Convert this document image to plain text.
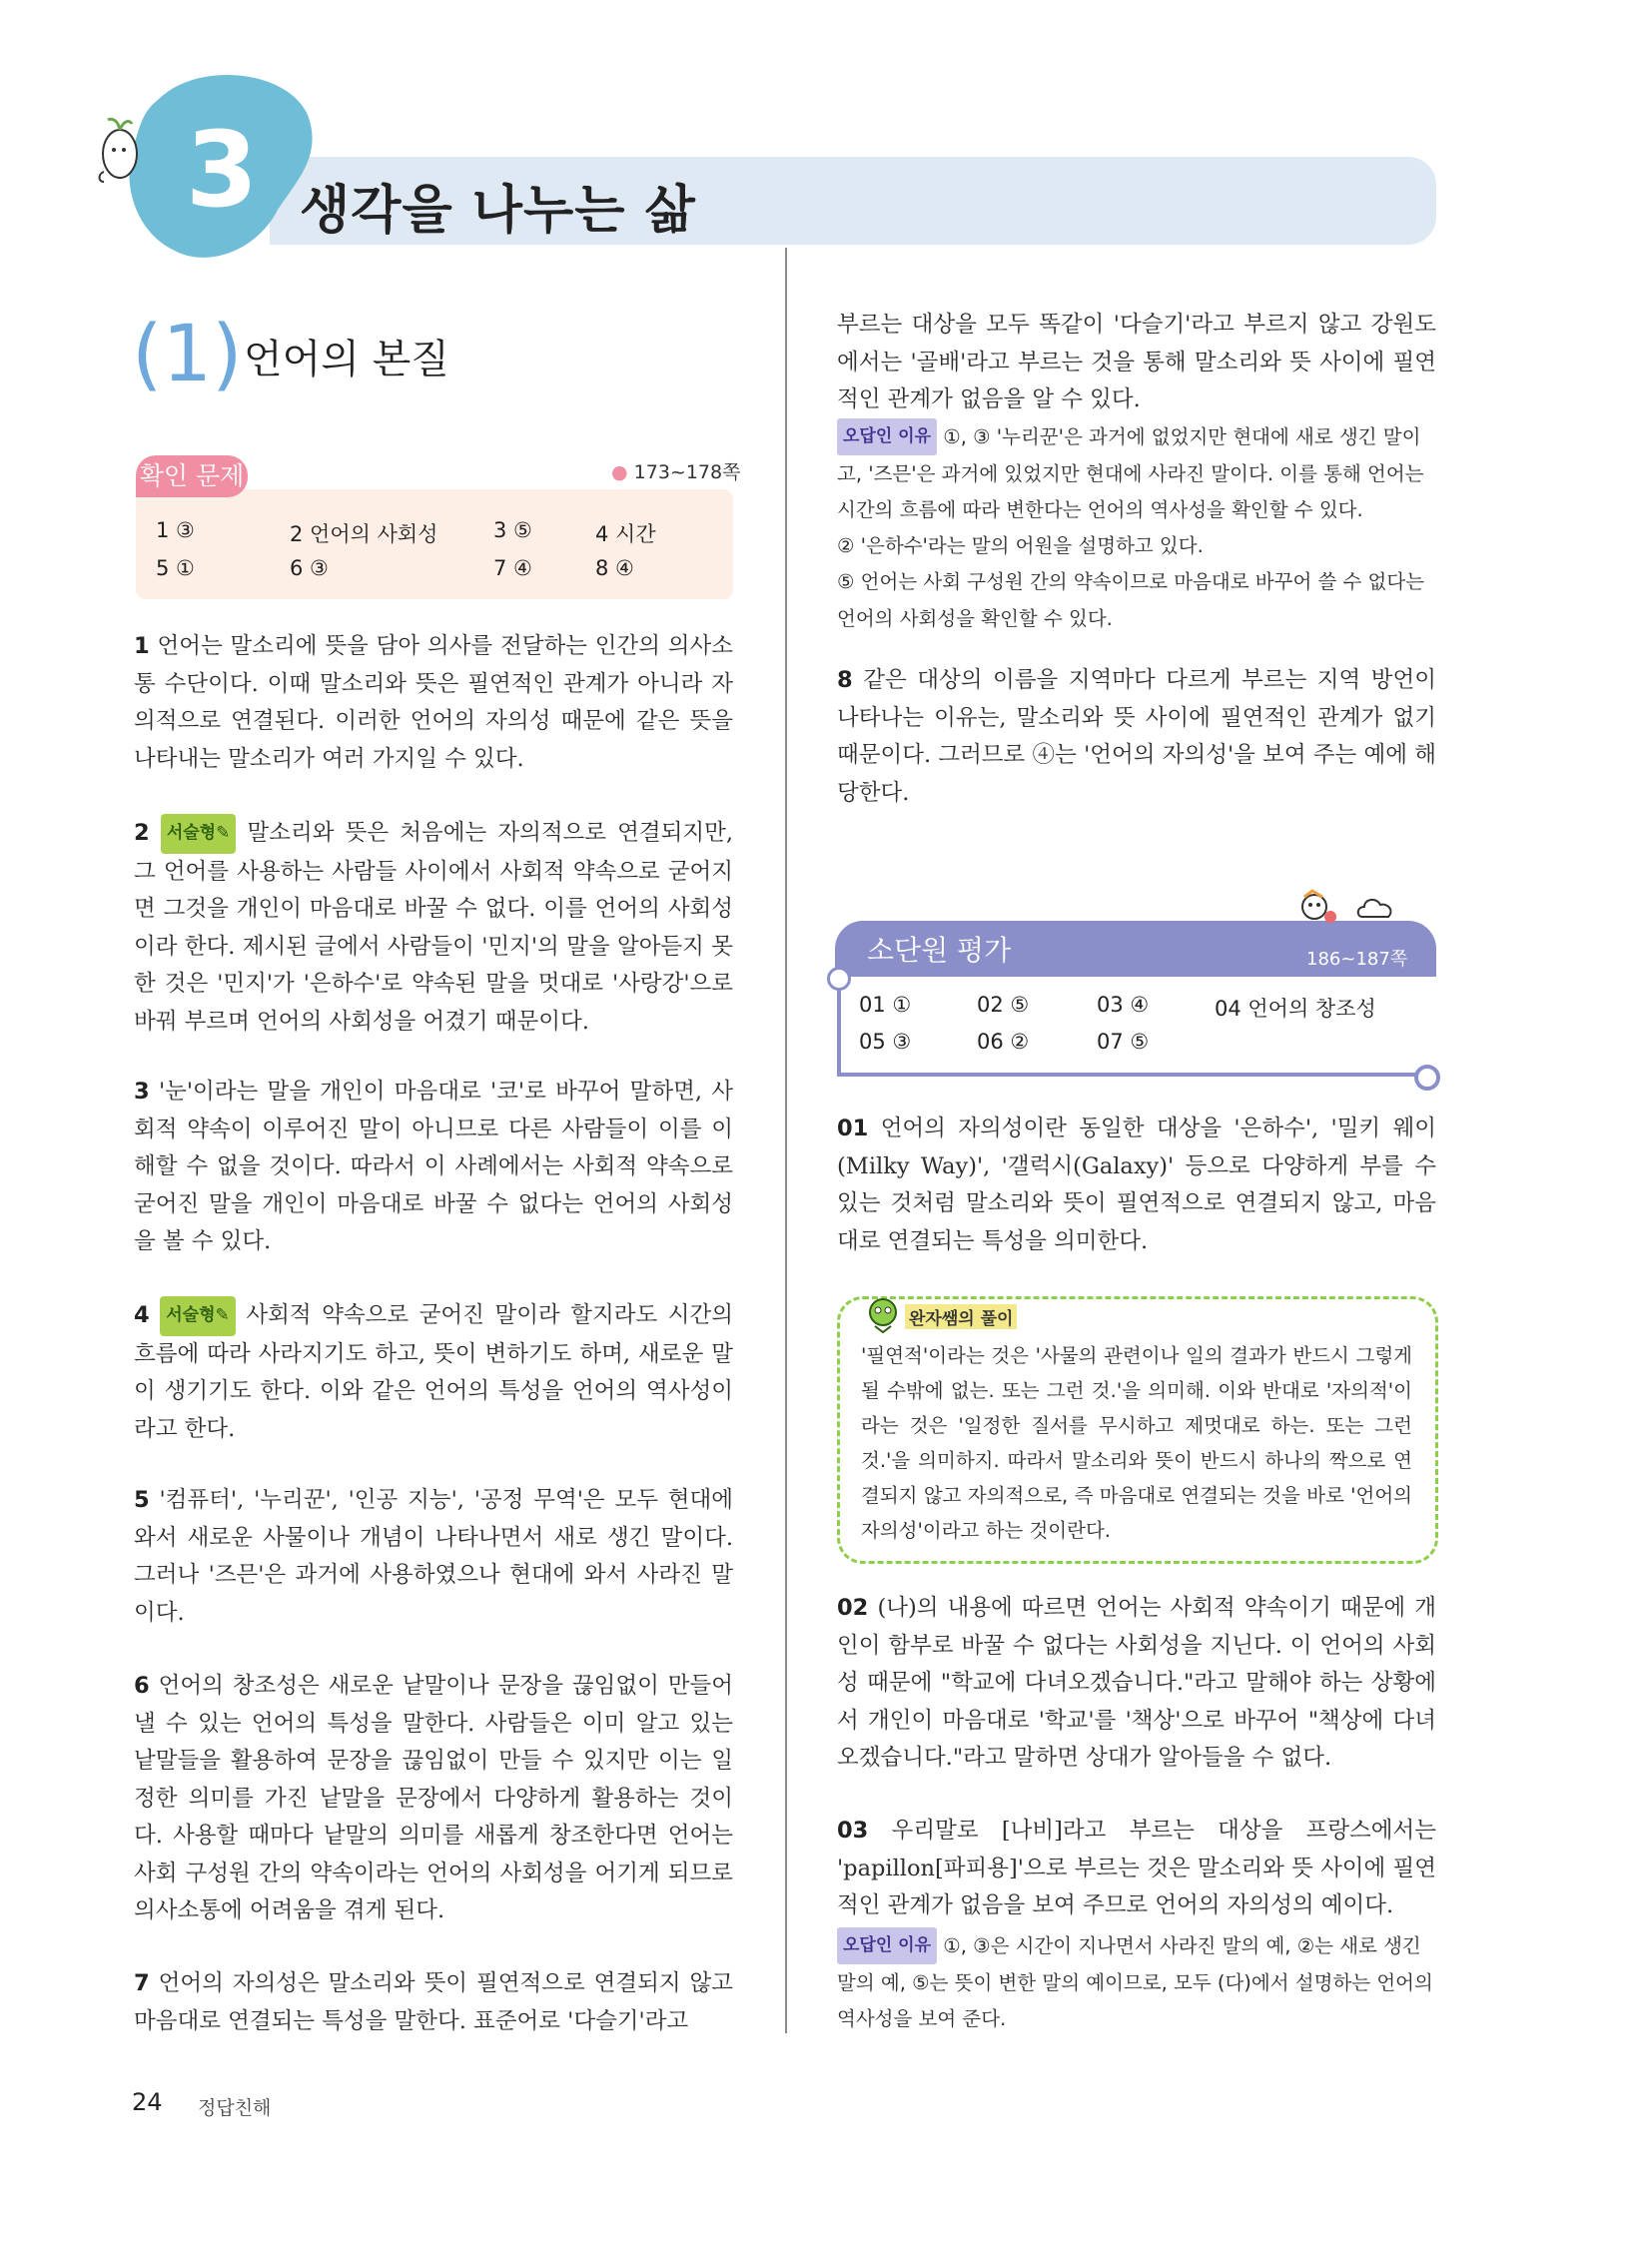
3 생각을 나누는 삶
(1) 언어의 본질
확인 문제	● 173~178쪽
1 ③	2 언어의 사회성	3 ⑤	4 시간
5 ①	6 ③	7 ④	8 ④
1 언어는 말소리에 뜻을 담아 의사를 전달하는 인간의 의사소통 수단이다. 이때 말소리와 뜻은 필연적인 관계가 아니라 자의적으로 연결된다. 이러한 언어의 자의성 때문에 같은 뜻을 나타내는 말소리가 여러 가지일 수 있다.
2 서술형✎ 말소리와 뜻은 처음에는 자의적으로 연결되지만, 그 언어를 사용하는 사람들 사이에서 사회적 약속으로 굳어지면 그것을 개인이 마음대로 바꿀 수 없다. 이를 언어의 사회성이라 한다. 제시된 글에서 사람들이 '민지'의 말을 알아듣지 못한 것은 '민지'가 '은하수'로 약속된 말을 멋대로 '사랑강'으로 바꿔 부르며 언어의 사회성을 어겼기 때문이다.
3 '눈'이라는 말을 개인이 마음대로 '코'로 바꾸어 말하면, 사회적 약속이 이루어진 말이 아니므로 다른 사람들이 이를 이해할 수 없을 것이다. 따라서 이 사례에서는 사회적 약속으로 굳어진 말을 개인이 마음대로 바꿀 수 없다는 언어의 사회성을 볼 수 있다.
4 서술형✎ 사회적 약속으로 굳어진 말이라 할지라도 시간의 흐름에 따라 사라지기도 하고, 뜻이 변하기도 하며, 새로운 말이 생기기도 한다. 이와 같은 언어의 특성을 언어의 역사성이라고 한다.
5 '컴퓨터', '누리꾼', '인공 지능', '공정 무역'은 모두 현대에 와서 새로운 사물이나 개념이 나타나면서 새로 생긴 말이다. 그러나 '즈믄'은 과거에 사용하였으나 현대에 와서 사라진 말이다.
6 언어의 창조성은 새로운 낱말이나 문장을 끊임없이 만들어 낼 수 있는 언어의 특성을 말한다. 사람들은 이미 알고 있는 낱말들을 활용하여 문장을 끊임없이 만들 수 있지만 이는 일정한 의미를 가진 낱말을 문장에서 다양하게 활용하는 것이다. 사용할 때마다 낱말의 의미를 새롭게 창조한다면 언어는 사회 구성원 간의 약속이라는 언어의 사회성을 어기게 되므로 의사소통에 어려움을 겪게 된다.
7 언어의 자의성은 말소리와 뜻이 필연적으로 연결되지 않고 마음대로 연결되는 특성을 말한다. 표준어로 '다슬기'라고
부르는 대상을 모두 똑같이 '다슬기'라고 부르지 않고 강원도에서는 '골배'라고 부르는 것을 통해 말소리와 뜻 사이에 필연적인 관계가 없음을 알 수 있다.
오답인 이유 ①, ③ '누리꾼'은 과거에 없었지만 현대에 새로 생긴 말이고, '즈믄'은 과거에 있었지만 현대에 사라진 말이다. 이를 통해 언어는 시간의 흐름에 따라 변한다는 언어의 역사성을 확인할 수 있다.
② '은하수'라는 말의 어원을 설명하고 있다.
⑤ 언어는 사회 구성원 간의 약속이므로 마음대로 바꾸어 쓸 수 없다는 언어의 사회성을 확인할 수 있다.
8 같은 대상의 이름을 지역마다 다르게 부르는 지역 방언이 나타나는 이유는, 말소리와 뜻 사이에 필연적인 관계가 없기 때문이다. 그러므로 ④는 '언어의 자의성'을 보여 주는 예에 해당한다.
소단원 평가	186~187쪽
01 ①	02 ⑤	03 ④	04 언어의 창조성
05 ③	06 ②	07 ⑤
01 언어의 자의성이란 동일한 대상을 '은하수', '밀키 웨이(Milky Way)', '갤럭시(Galaxy)' 등으로 다양하게 부를 수 있는 것처럼 말소리와 뜻이 필연적으로 연결되지 않고, 마음대로 연결되는 특성을 의미한다.
완자쌤의 풀이
'필연적'이라는 것은 '사물의 관련이나 일의 결과가 반드시 그렇게 될 수밖에 없는. 또는 그런 것.'을 의미해. 이와 반대로 '자의적'이라는 것은 '일정한 질서를 무시하고 제멋대로 하는. 또는 그런 것.'을 의미하지. 따라서 말소리와 뜻이 반드시 하나의 짝으로 연결되지 않고 자의적으로, 즉 마음대로 연결되는 것을 바로 '언어의 자의성'이라고 하는 것이란다.
02 (나)의 내용에 따르면 언어는 사회적 약속이기 때문에 개인이 함부로 바꿀 수 없다는 사회성을 지닌다. 이 언어의 사회성 때문에 "학교에 다녀오겠습니다."라고 말해야 하는 상황에서 개인이 마음대로 '학교'를 '책상'으로 바꾸어 "책상에 다녀오겠습니다."라고 말하면 상대가 알아들을 수 없다.
03 우리말로 [나비]라고 부르는 대상을 프랑스에서는 'papillon[파피용]'으로 부르는 것은 말소리와 뜻 사이에 필연적인 관계가 없음을 보여 주므로 언어의 자의성의 예이다.
오답인 이유 ①, ③은 시간이 지나면서 사라진 말의 예, ②는 새로 생긴 말의 예, ⑤는 뜻이 변한 말의 예이므로, 모두 (다)에서 설명하는 언어의 역사성을 보여 준다.
24 정답친해
